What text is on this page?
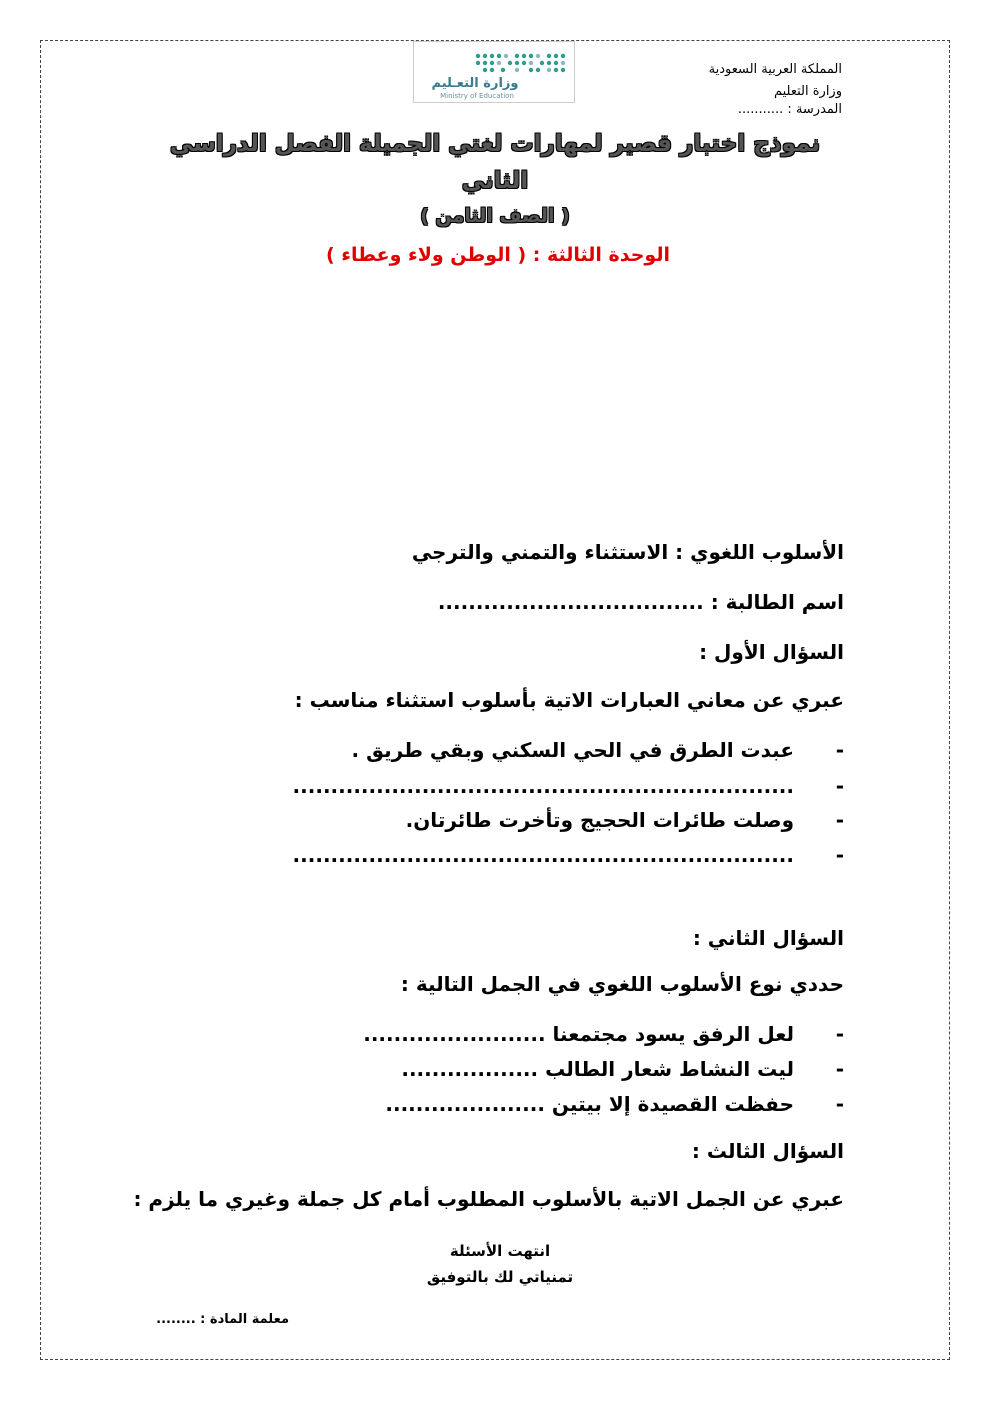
وزارة التعـليم
Ministry of Education
المملكة العربية السعودية
وزارة التعليم
المدرسة : ...........
نموذج اختبار قصير لمهارات لغتي الجميلة الفصل الدراسي
الثاني
( الصف الثامن )
الوحدة الثالثة : ( الوطن ولاء وعطاء )
الأسلوب اللغوي : الاستثناء والتمني والترجي
اسم الطالبة : ...................................
السؤال الأول :
عبري عن معاني العبارات الاتية بأسلوب استثناء مناسب :
-عبدت الطرق في الحي السكني وبقي طريق .
-..................................................................
-وصلت طائرات الحجيج وتأخرت طائرتان.
-..................................................................
السؤال الثاني :
حددي نوع الأسلوب اللغوي في الجمل التالية :
-لعل الرفق يسود مجتمعنا ........................
-ليت النشاط شعار الطالب ..................
-حفظت القصيدة إلا بيتين .....................
السؤال الثالث :
عبري عن الجمل الاتية بالأسلوب المطلوب أمام كل جملة وغيري ما يلزم :
انتهت الأسئلة
تمنياتي لك بالتوفيق
معلمة المادة : ........
